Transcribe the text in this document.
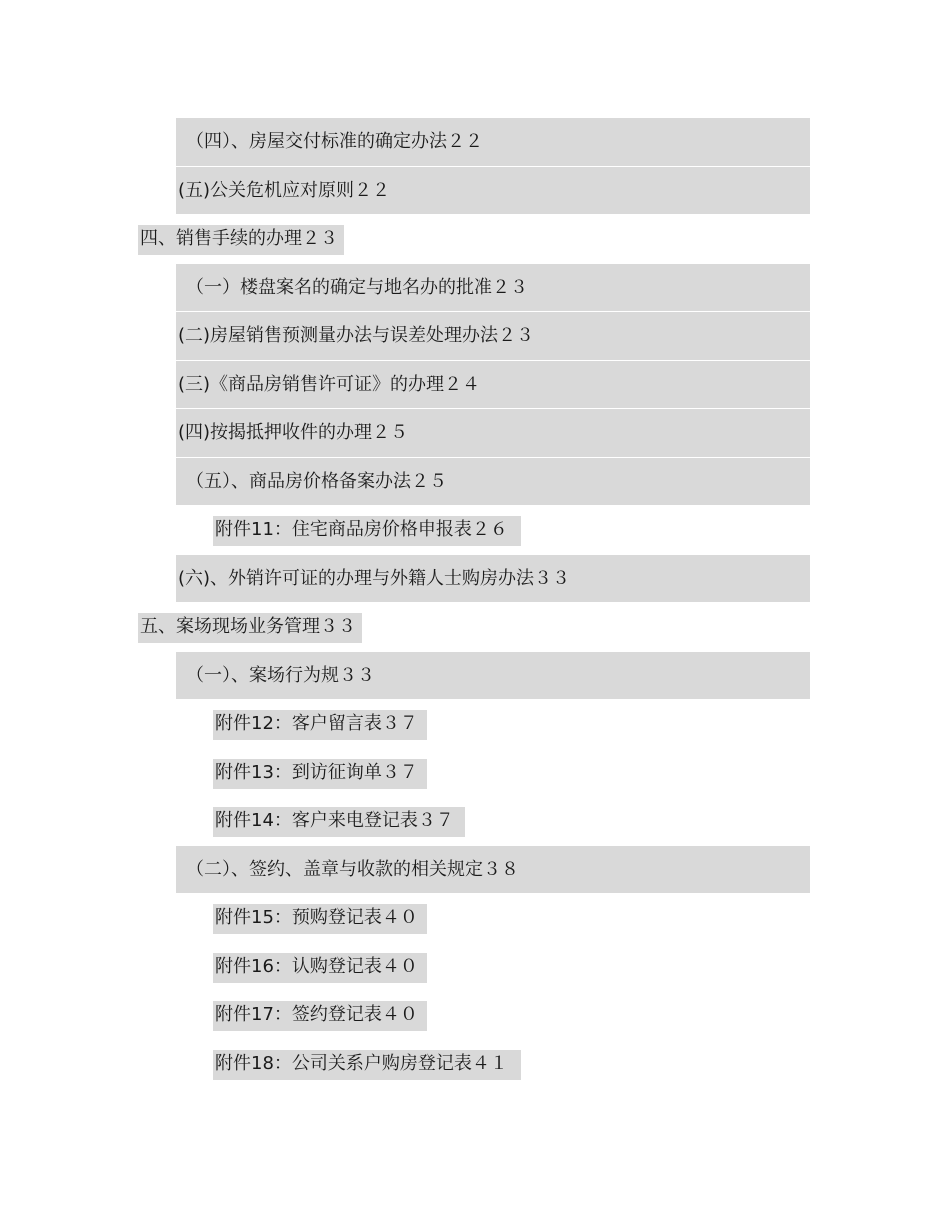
（四）、房屋交付标准的确定办法２２
(五)公关危机应对原则２２
四、销售手续的办理２３
（一）楼盘案名的确定与地名办的批准２３
(二)房屋销售预测量办法与误差处理办法２３
(三)《商品房销售许可证》的办理２４
(四)按揭抵押收件的办理２５
（五）、商品房价格备案办法２５
附件11：住宅商品房价格申报表２６
(六)、外销许可证的办理与外籍人士购房办法３３
五、案场现场业务管理３３
（一）、案场行为规３３
附件12：客户留言表３７
附件13：到访征询单３７
附件14：客户来电登记表３７
（二）、签约、盖章与收款的相关规定３８
附件15：预购登记表４０
附件16：认购登记表４０
附件17：签约登记表４０
附件18：公司关系户购房登记表４１
